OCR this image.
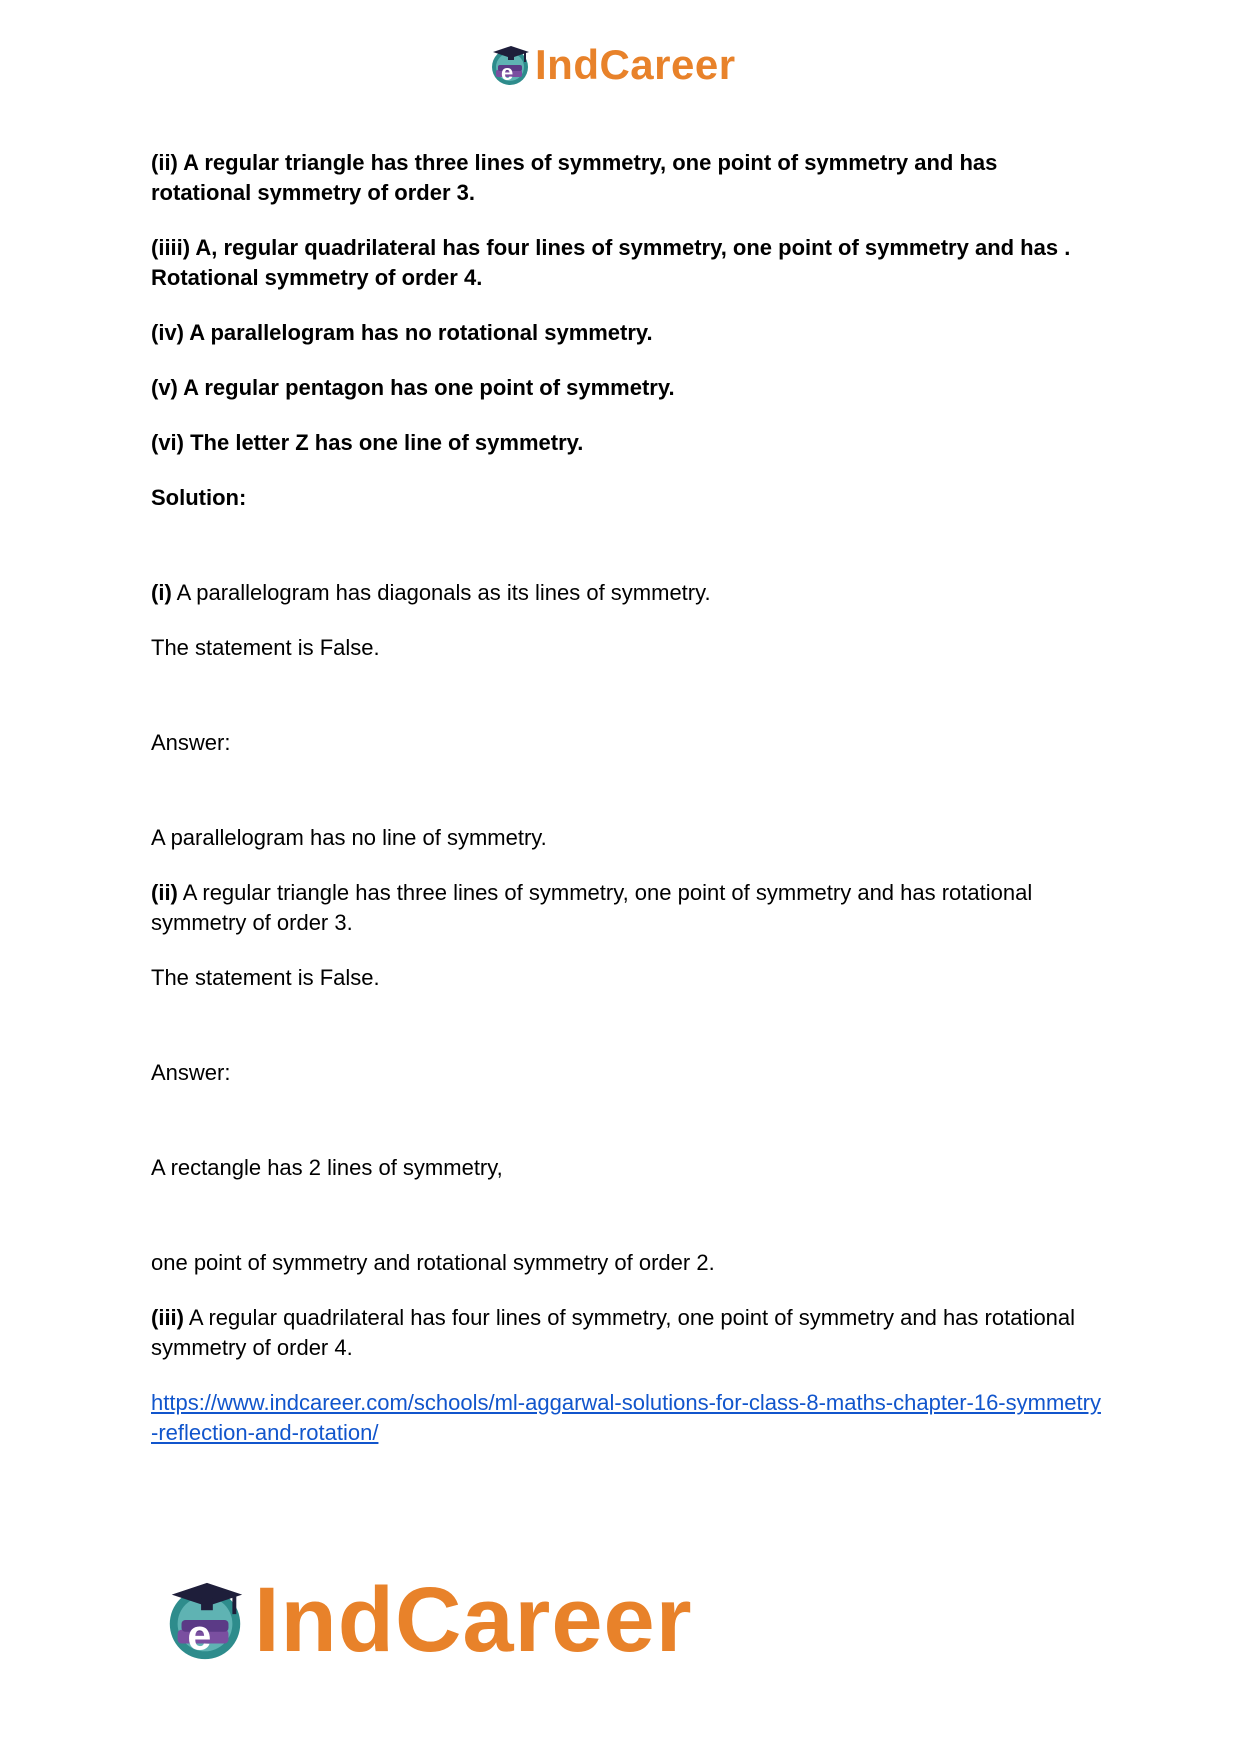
e IndCareer

(ii) A regular triangle has three lines of symmetry, one point of symmetry and has rotational symmetry of order 3.

(iiii) A, regular quadrilateral has four lines of symmetry, one point of symmetry and has . Rotational symmetry of order 4.

(iv) A parallelogram has no rotational symmetry.

(v) A regular pentagon has one point of symmetry.

(vi) The letter Z has one line of symmetry.

Solution:

(i) A parallelogram has diagonals as its lines of symmetry.

The statement is False.

Answer:

A parallelogram has no line of symmetry.

(ii) A regular triangle has three lines of symmetry, one point of symmetry and has rotational symmetry of order 3.

The statement is False.

Answer:

A rectangle has 2 lines of symmetry,

one point of symmetry and rotational symmetry of order 2.

(iii) A regular quadrilateral has four lines of symmetry, one point of symmetry and has rotational symmetry of order 4.

https://www.indcareer.com/schools/ml-aggarwal-solutions-for-class-8-maths-chapter-16-symmetry-reflection-and-rotation/
e IndCareer
